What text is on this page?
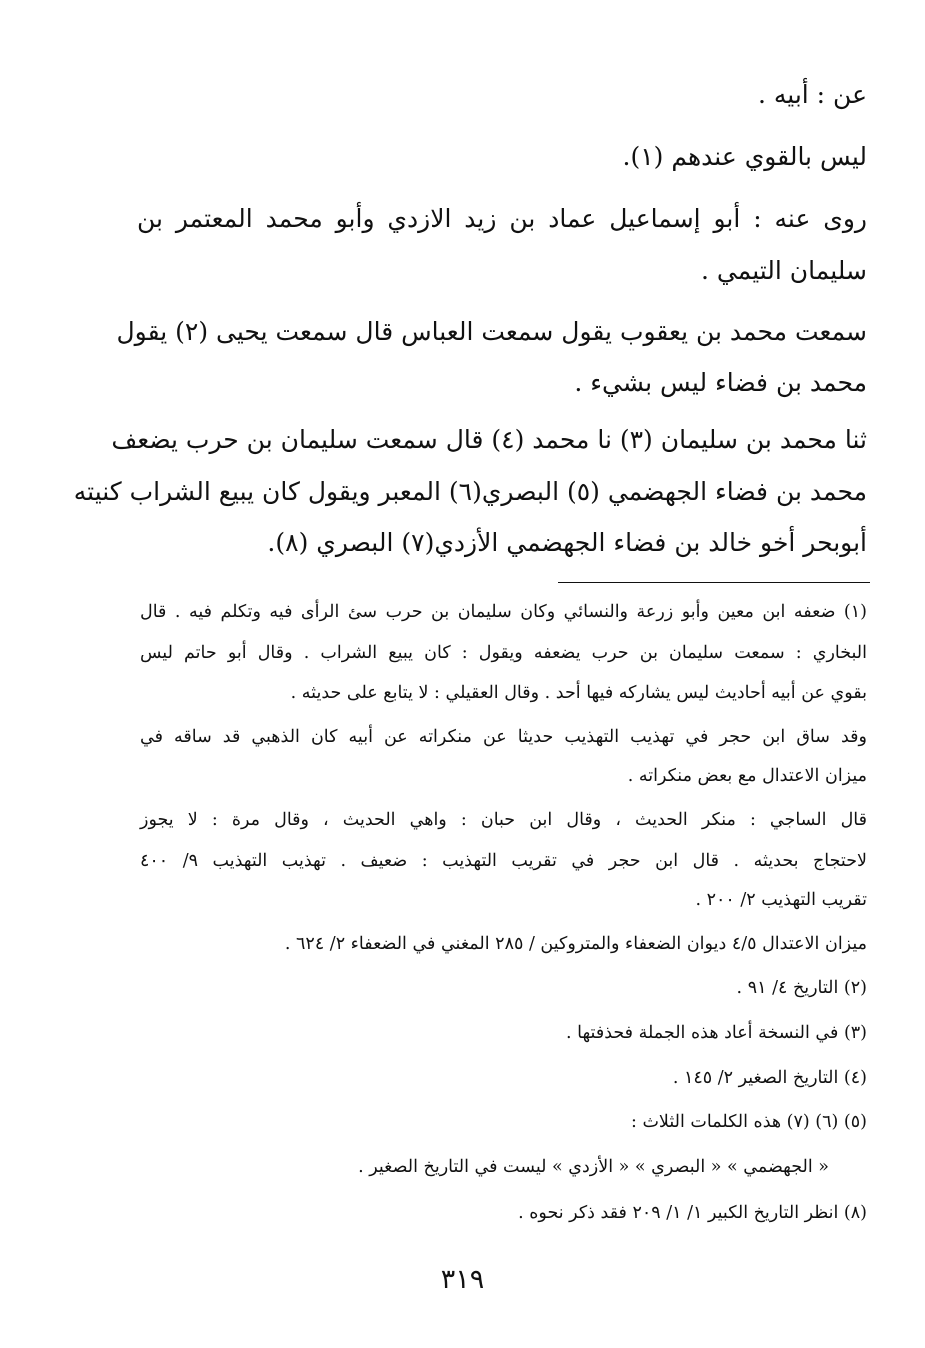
عن : أبيه .

ليس بالقوي عندهم (١).

روى عنه : أبو إسماعيل عماد بن زيد الازدي وأبو محمد المعتمر بن

سليمان التيمي .

سمعت محمد بن يعقوب يقول سمعت العباس قال سمعت يحيى (٢) يقول

محمد بن فضاء ليس بشيء .

ثنا محمد بن سليمان (٣) نا محمد (٤) قال سمعت سليمان بن حرب يضعف

محمد بن فضاء الجهضمي (٥) البصري(٦) المعبر ويقول كان يبيع الشراب كنيته

أبوبحر أخو خالد بن فضاء الجهضمي الأزدي(٧) البصري (٨).

(١) ضعفه ابن معين وأبو زرعة والنسائي وكان سليمان بن حرب سئ الرأى فيه وتكلم فيه . قال

البخاري : سمعت سليمان بن حرب يضعفه ويقول : كان يبيع الشراب . وقال أبو حاتم ليس

بقوي عن أبيه أحاديث ليس يشاركه فيها أحد . وقال العقيلي : لا يتابع على حديثه .

وقد ساق ابن حجر في تهذيب التهذيب حديثا عن منكراته عن أبيه كان الذهبي قد ساقه في

ميزان الاعتدال مع بعض منكراته .

قال الساجي : منكر الحديث ، وقال ابن حبان : واهي الحديث ، وقال مرة : لا يجوز

لاحتجاج بحديثه . قال ابن حجر في تقريب التهذيب : ضعيف . تهذيب التهذيب ٩/ ٤٠٠

تقريب التهذيب ٢/ ٢٠٠ .

ميزان الاعتدال ٤/٥ ديوان الضعفاء والمتروكين / ٢٨٥ المغني في الضعفاء ٢/ ٦٢٤ .

(٢) التاريخ ٤/ ٩١ .

(٣) في النسخة أعاد هذه الجملة فحذفتها .

(٤) التاريخ الصغير ٢/ ١٤٥ .

(٥) (٦) (٧) هذه الكلمات الثلاث :

« الجهضمي » « البصري » « الأزدي » ليست في التاريخ الصغير .

(٨) انظر التاريخ الكبير ١/ ١/ ٢٠٩ فقد ذكر نحوه .

٣١٩
